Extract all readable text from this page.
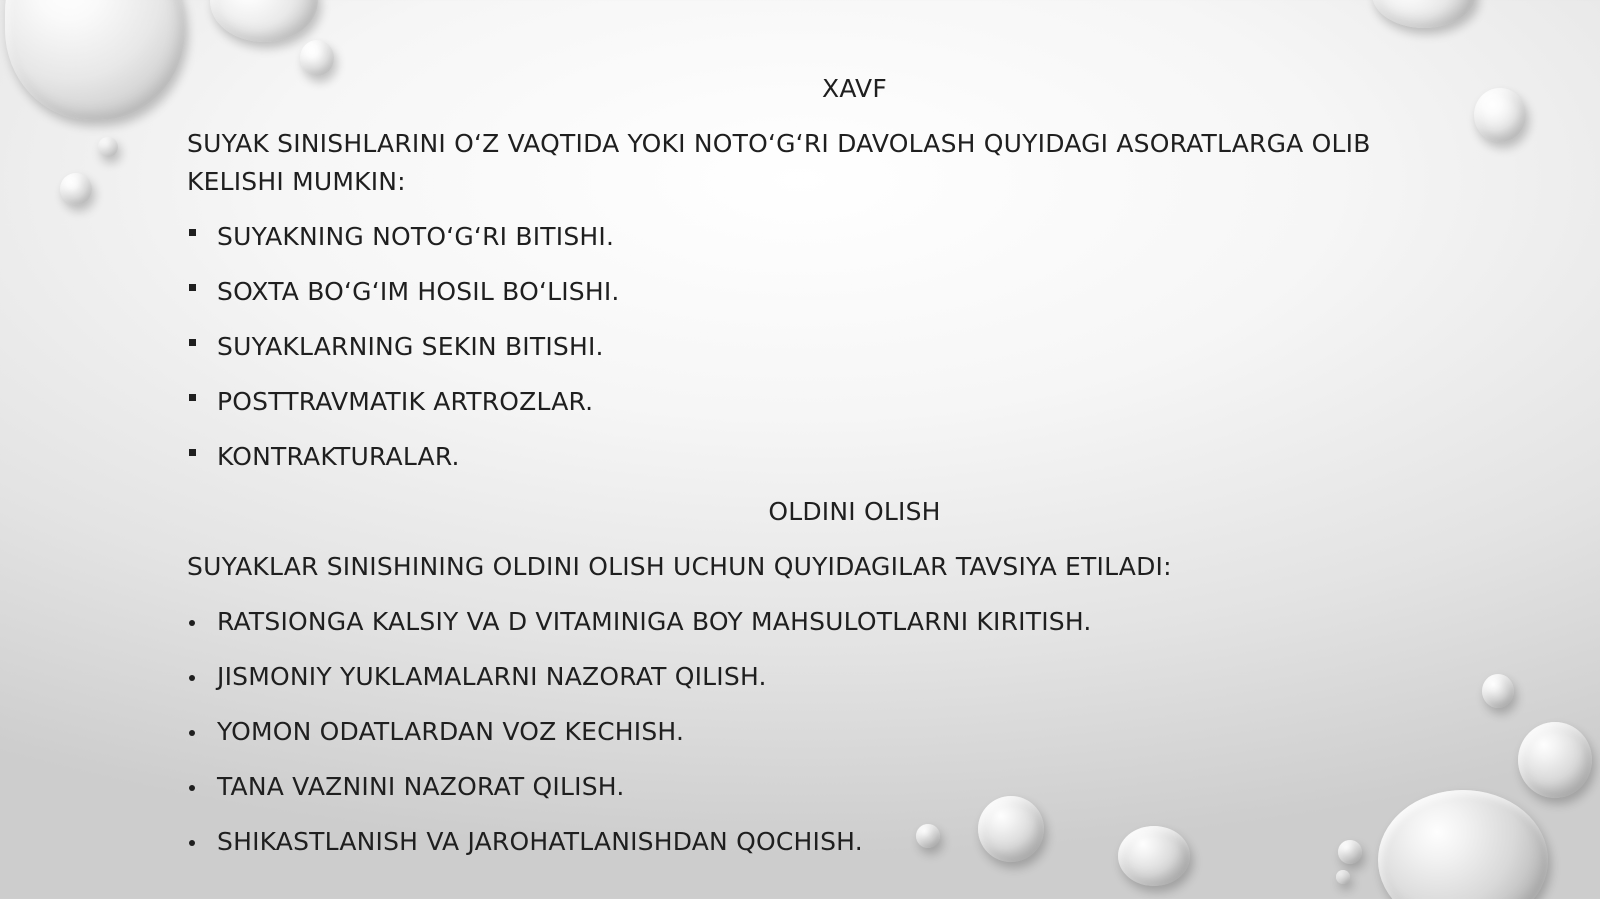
XAVF
SUYAK SINISHLARINI O‘Z VAQTIDA YOKI NOTO‘G‘RI DAVOLASH QUYIDAGI ASORATLARGA OLIB KELISHI MUMKIN:
SUYAKNING NOTO‘G‘RI BITISHI.
SOXTA BO‘G‘IM HOSIL BO‘LISHI.
SUYAKLARNING SEKIN BITISHI.
POSTTRAVMATIK ARTROZLAR.
KONTRAKTURALAR.
OLDINI OLISH
SUYAKLAR SINISHINING OLDINI OLISH UCHUN QUYIDAGILAR TAVSIYA ETILADI:
RATSIONGA KALSIY VA D VITAMINIGA BOY MAHSULOTLARNI KIRITISH.
JISMONIY YUKLAMALARNI NAZORAT QILISH.
YOMON ODATLARDAN VOZ KECHISH.
TANA VAZNINI NAZORAT QILISH.
SHIKASTLANISH VA JAROHATLANISHDAN QOCHISH.
